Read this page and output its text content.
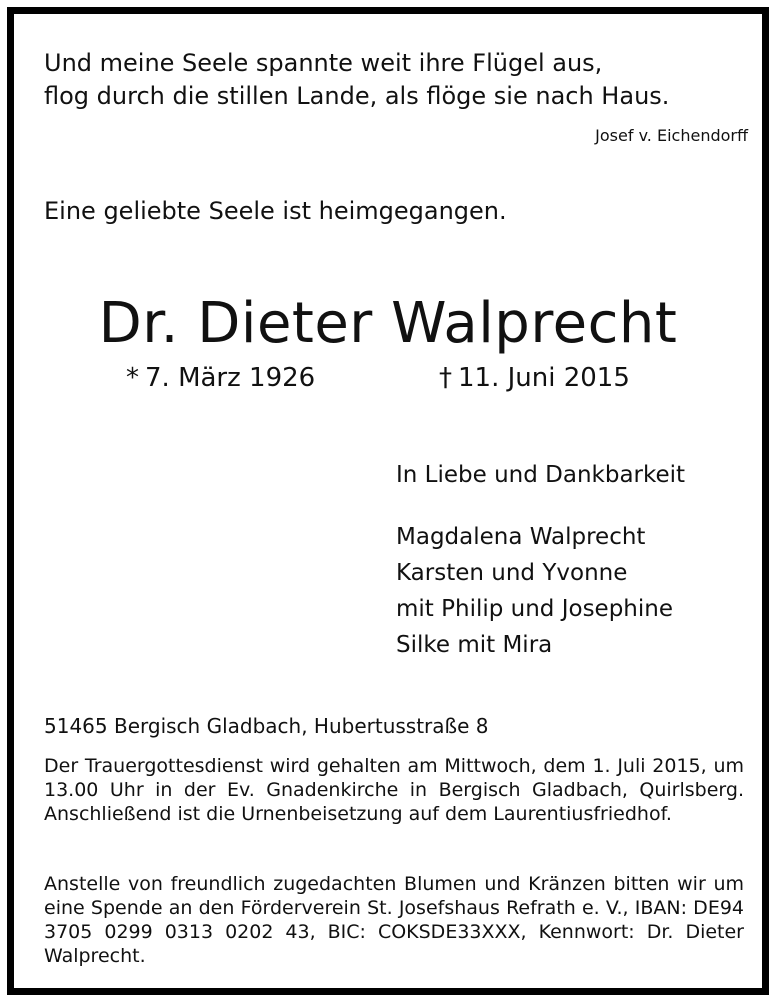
Und meine Seele spannte weit ihre Flügel aus,
flog durch die stillen Lande, als flöge sie nach Haus.
Josef v. Eichendorff
Eine geliebte Seele ist heimgegangen.
Dr. Dieter Walprecht
* 7. März 1926	† 11. Juni 2015
In Liebe und Dankbarkeit
Magdalena Walprecht
Karsten und Yvonne
mit Philip und Josephine
Silke mit Mira
51465 Bergisch Gladbach, Hubertusstraße 8

Der Trauergottesdienst wird gehalten am Mittwoch, dem 1. Juli 2015, um 13.00 Uhr in der Ev. Gnadenkirche in Bergisch Gladbach, Quirlsberg. Anschließend ist die Urnenbeisetzung auf dem Laurentiusfriedhof.

Anstelle von freundlich zugedachten Blumen und Kränzen bitten wir um eine Spende an den Förderverein St. Josefshaus Refrath e. V., IBAN: DE94 3705 0299 0313 0202 43, BIC: COKSDE33XXX, Kennwort: Dr. Dieter Walprecht.
